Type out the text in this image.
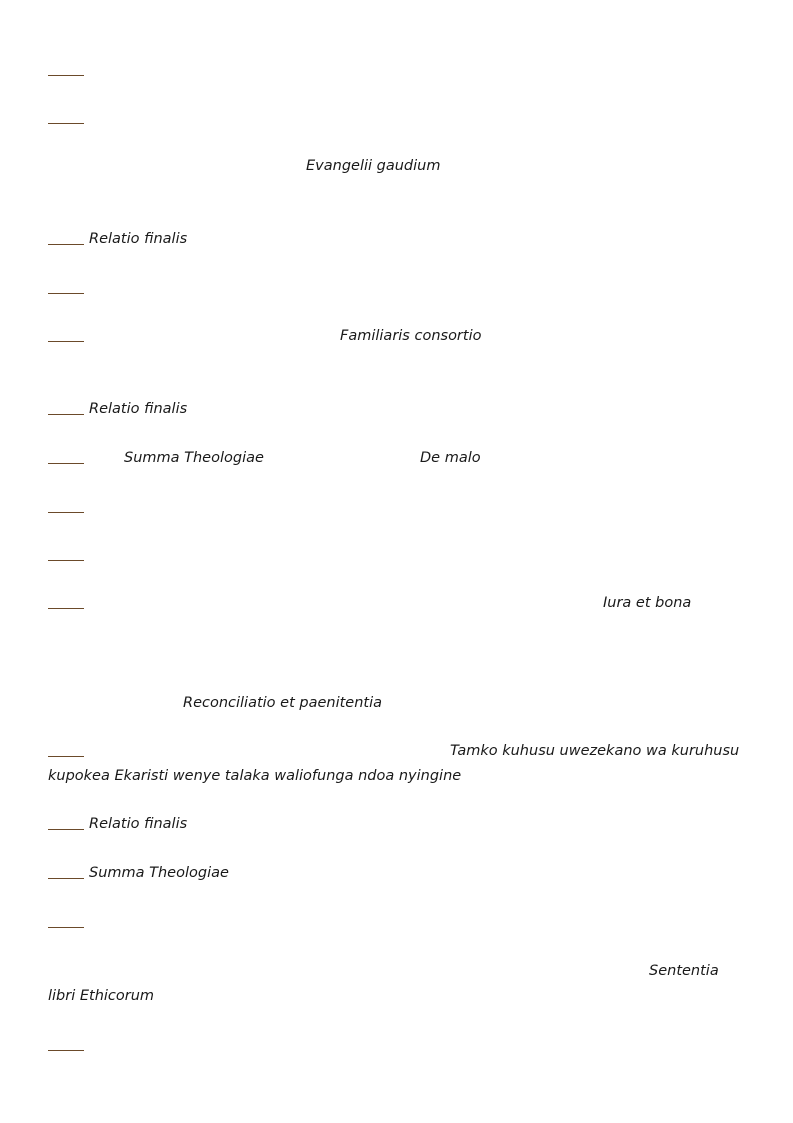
Evangelii gaudium
Relatio finalis
Familiaris consortio
Relatio finalis
Summa Theologiae	De malo
Iura et bona
Reconciliatio et paenitentia
Tamko kuhusu uwezekano wa kuruhusu
kupokea Ekaristi wenye talaka waliofunga ndoa nyingine
Relatio finalis
Summa Theologiae
Sententia
libri Ethicorum
